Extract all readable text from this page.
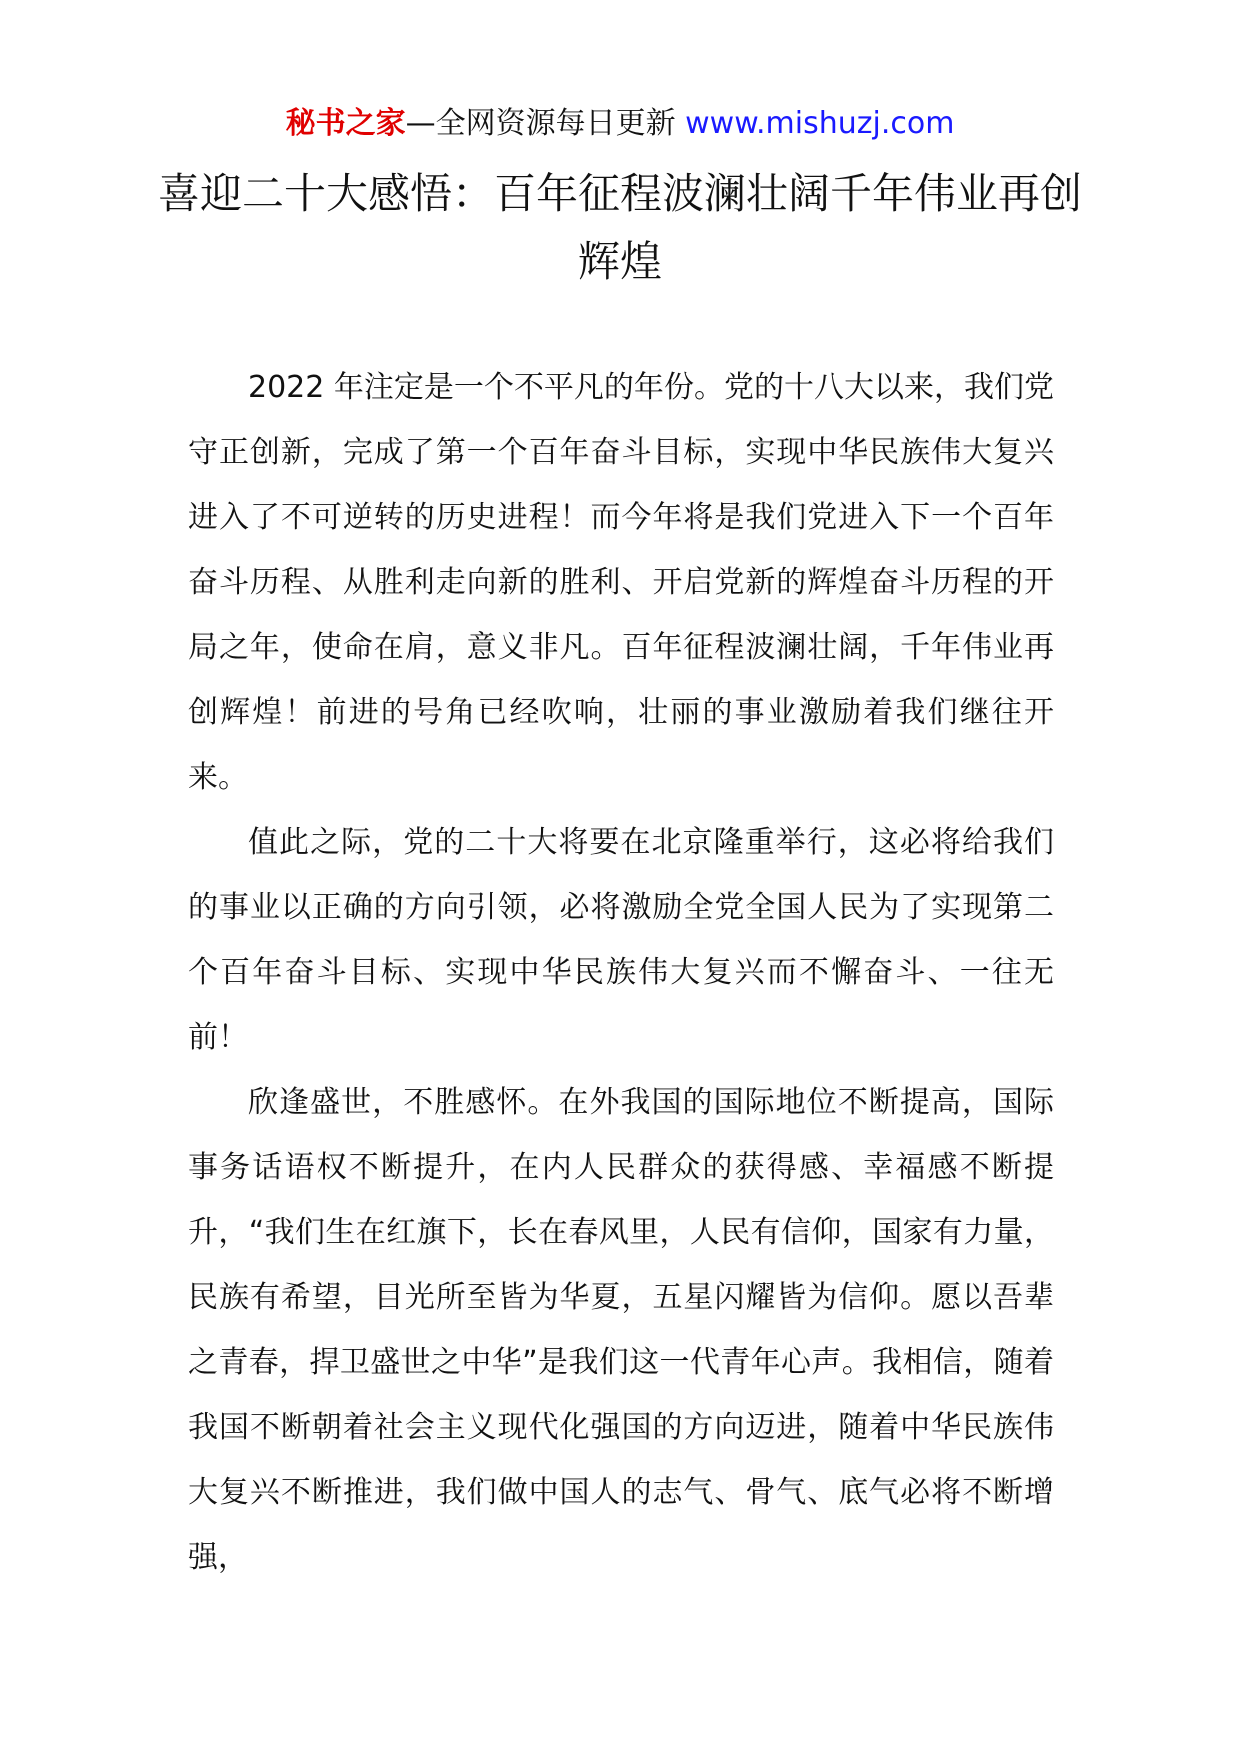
秘书之家—全网资源每日更新 www.mishuzj.com
喜迎二十大感悟：百年征程波澜壮阔千年伟业再创辉煌

2022 年注定是一个不平凡的年份。党的十八大以来，我们党守正创新，完成了第一个百年奋斗目标，实现中华民族伟大复兴进入了不可逆转的历史进程！而今年将是我们党进入下一个百年奋斗历程、从胜利走向新的胜利、开启党新的辉煌奋斗历程的开局之年，使命在肩，意义非凡。百年征程波澜壮阔，千年伟业再创辉煌！前进的号角已经吹响，壮丽的事业激励着我们继往开来。

值此之际，党的二十大将要在北京隆重举行，这必将给我们的事业以正确的方向引领，必将激励全党全国人民为了实现第二个百年奋斗目标、实现中华民族伟大复兴而不懈奋斗、一往无前！

欣逢盛世，不胜感怀。在外我国的国际地位不断提高，国际事务话语权不断提升，在内人民群众的获得感、幸福感不断提升，“我们生在红旗下，长在春风里，人民有信仰，国家有力量，民族有希望，目光所至皆为华夏，五星闪耀皆为信仰。愿以吾辈之青春，捍卫盛世之中华”是我们这一代青年心声。我相信，随着我国不断朝着社会主义现代化强国的方向迈进，随着中华民族伟大复兴不断推进，我们做中国人的志气、骨气、底气必将不断增强，
